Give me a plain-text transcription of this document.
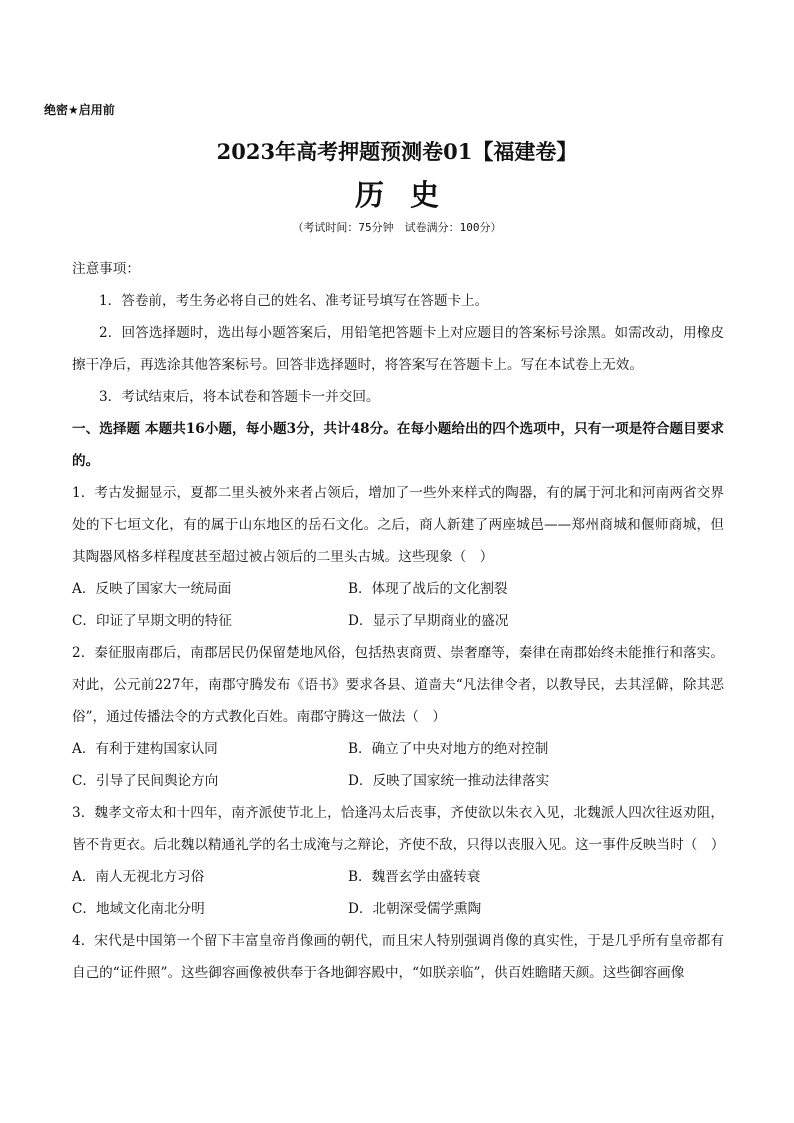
绝密★启用前
2023年高考押题预测卷01【福建卷】
历史
（考试时间：75分钟　试卷满分：100分）

注意事项：

1．答卷前，考生务必将自己的姓名、准考证号填写在答题卡上。

2．回答选择题时，选出每小题答案后，用铅笔把答题卡上对应题目的答案标号涂黑。如需改动，用橡皮擦干净后，再选涂其他答案标号。回答非选择题时，将答案写在答题卡上。写在本试卷上无效。

3．考试结束后，将本试卷和答题卡一并交回。

一、选择题 本题共16小题，每小题3分，共计48分。在每小题给出的四个选项中，只有一项是符合题目要求的。

1．考古发掘显示，夏都二里头被外来者占领后，增加了一些外来样式的陶器，有的属于河北和河南两省交界处的下七垣文化，有的属于山东地区的岳石文化。之后，商人新建了两座城邑——郑州商城和偃师商城，但其陶器风格多样程度甚至超过被占领后的二里头古城。这些现象（　）

A．反映了国家大一统局面	B．体现了战后的文化割裂
C．印证了早期文明的特征	D．显示了早期商业的盛况

2．秦征服南郡后，南郡居民仍保留楚地风俗，包括热衷商贾、崇奢靡等，秦律在南郡始终未能推行和落实。对此，公元前227年，南郡守腾发布《语书》要求各县、道啬夫“凡法律令者，以教导民，去其淫僻，除其恶俗”，通过传播法令的方式教化百姓。南郡守腾这一做法（　）

A．有利于建构国家认同	B．确立了中央对地方的绝对控制
C．引导了民间舆论方向	D．反映了国家统一推动法律落实

3．魏孝文帝太和十四年，南齐派使节北上，恰逢冯太后丧事，齐使欲以朱衣入见，北魏派人四次往返劝阻，皆不肯更衣。后北魏以精通礼学的名士成淹与之辩论，齐使不敌，只得以丧服入见。这一事件反映当时（　）

A．南人无视北方习俗	B．魏晋玄学由盛转衰
C．地域文化南北分明	D．北朝深受儒学熏陶

4．宋代是中国第一个留下丰富皇帝肖像画的朝代，而且宋人特别强调肖像的真实性，于是几乎所有皇帝都有自己的“证件照”。这些御容画像被供奉于各地御容殿中，“如朕亲临”，供百姓瞻睹天颜。这些御容画像
